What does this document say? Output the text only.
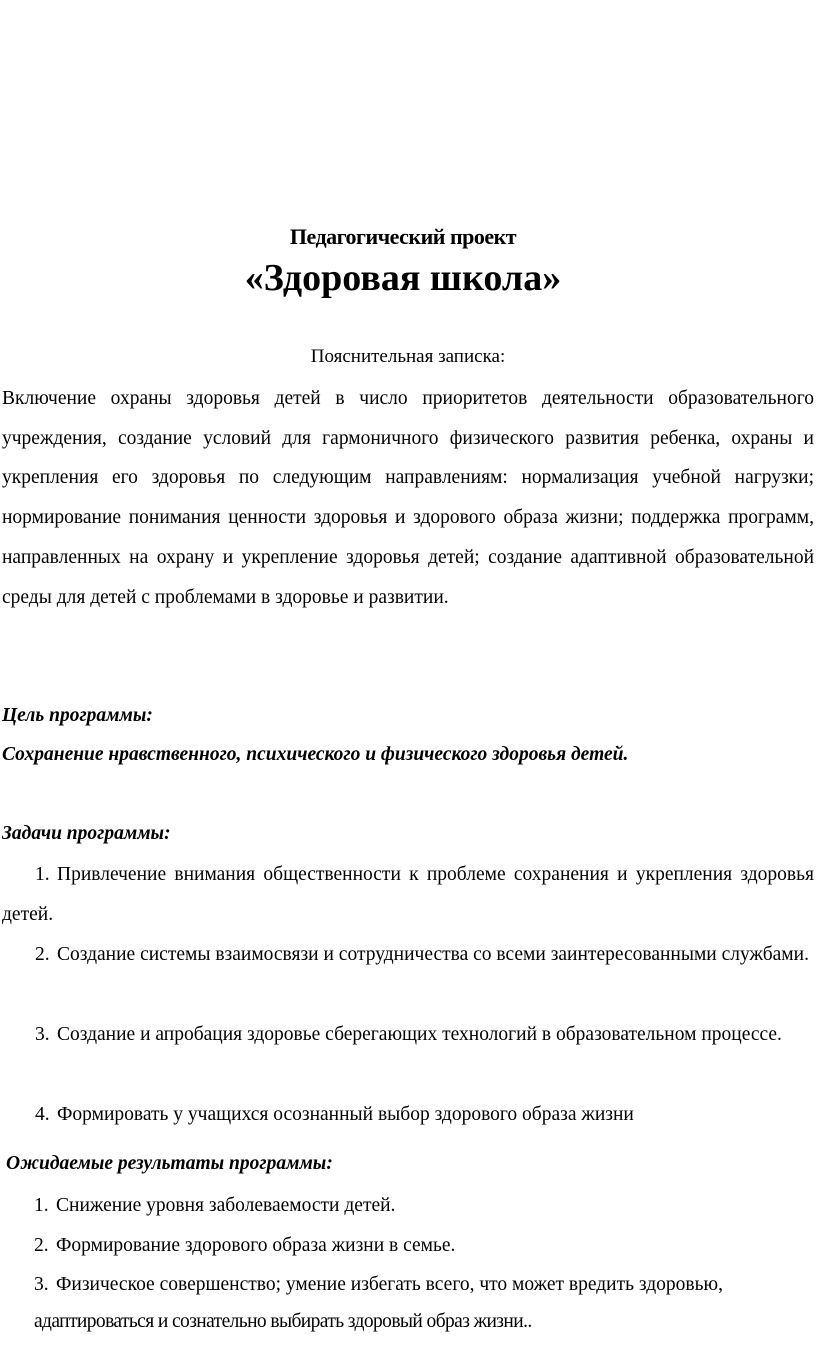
Педагогический проект
«Здоровая школа»
Пояснительная записка:

Включение охраны здоровья детей в число приоритетов деятельности образовательного учреждения, создание условий для гармоничного физического развития ребенка, охраны и укрепления его здоровья по следующим направлениям: нормализация учебной нагрузки; нормирование понимания ценности здоровья и здорового образа жизни; поддержка программ, направленных на охрану и укрепление здоровья детей; создание адаптивной образовательной среды для детей с проблемами в здоровье и развитии.

Цель программы:
Сохранение нравственного, психического и физического здоровья детей.
Задачи программы:

1. Привлечение внимания общественности к проблеме сохранения и укрепления здоровья детей.

2. Создание системы взаимосвязи и сотрудничества со всеми заинтересованными службами.

3. Создание и апробация здоровье сберегающих технологий в образовательном процессе.

4. Формировать у учащихся осознанный выбор здорового образа жизни

Ожидаемые результаты программы:
1. Снижение уровня заболеваемости детей.
2. Формирование здорового образа жизни в семье.
3. Физическое совершенство; умение избегать всего, что может вредить здоровью,
адаптироваться и сознательно выбирать здоровый образ жизни..
